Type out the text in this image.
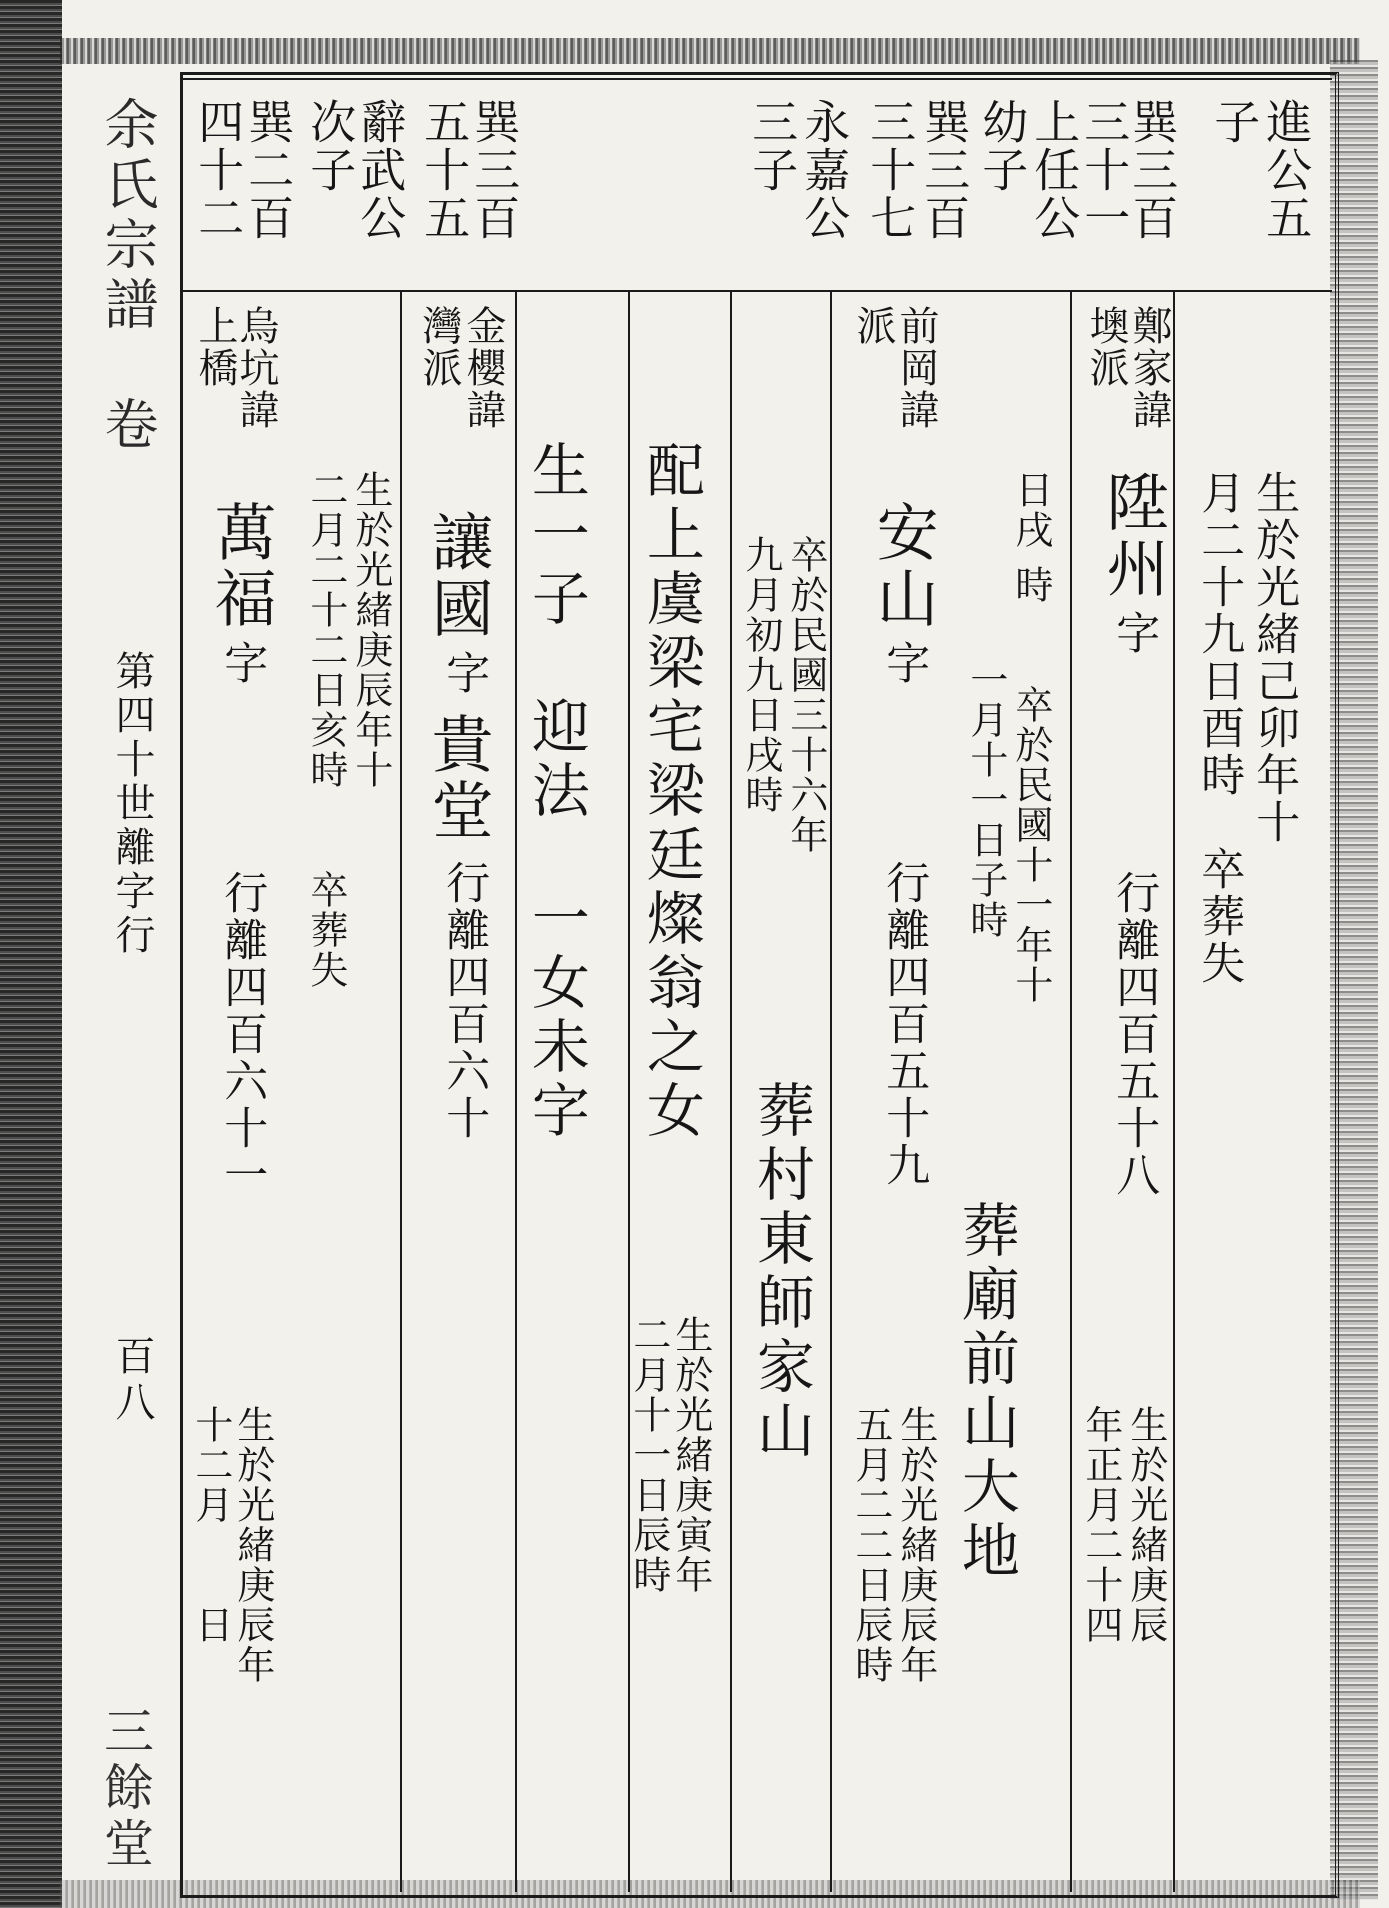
余氏宗譜　卷
第四十世離字行
百八
三餘堂
進公五
子
巽三百
三十一
上任公
幼子
巽三百
三十七
永嘉公
三子
巽三百
五十五
辭武公
次子
巽二百
四十二
生於光緒己卯年十
月二十九日酉時　卒葬失
鄭家諱
墺派
陞州
字
行離四百五十八
生於光緒庚辰
年正月二十四
日戌
時　　卒於民國十一年十
一月十一日子時
葬廟前山大地
前岡諱
派
安山
字
行離四百五十九
生於光緒庚辰年
五月二二日辰時
卒於民國三十六年
九月初九日戌時
葬村東師家山
配上虞梁宅梁廷燦翁之女
生於光緒庚寅年
二月十一日辰時
生一子　迎法　一女未字
金櫻諱
灣派
讓國
字
貴堂
行離四百六十
生於光緒庚辰年十
二月二十二日亥時　　卒葬失
烏坑諱
上橋
萬福
字
行離四百六十一
生於光緒庚辰年
十二月　　日
